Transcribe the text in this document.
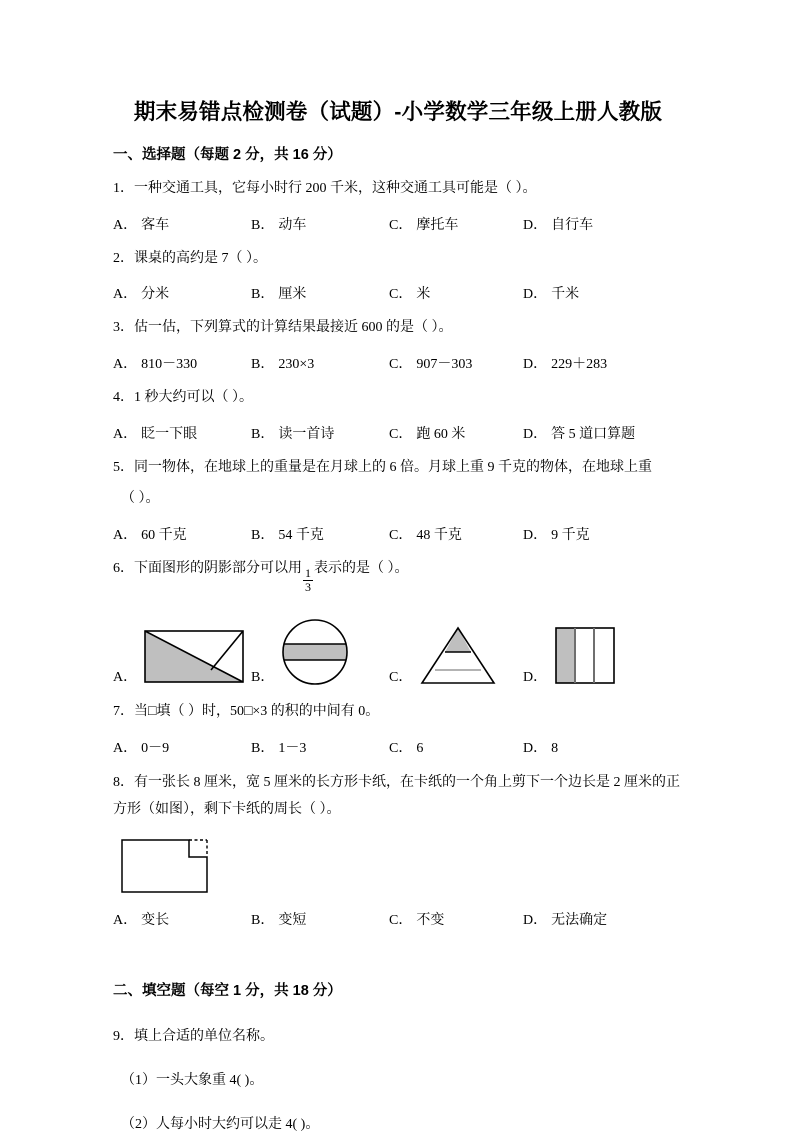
期末易错点检测卷（试题）-小学数学三年级上册人教版
一、选择题（每题 2 分，共 16 分）
1．一种交通工具，它每小时行 200 千米，这种交通工具可能是（ ）。
A． 客车	B． 动车	C． 摩托车	D． 自行车
2．课桌的高约是 7（ ）。
A． 分米	B． 厘米	C． 米	D． 千米
3．估一估，下列算式的计算结果最接近 600 的是（ ）。
A． 810－330	B． 230×3	C． 907－303	D． 229＋283
4．1 秒大约可以（ ）。
A． 眨一下眼	B． 读一首诗	C． 跑 60 米	D． 答 5 道口算题
5．同一物体，在地球上的重量是在月球上的 6 倍。月球上重 9 千克的物体，在地球上重
（ ）。
A． 60 千克	B． 54 千克	C． 48 千克	D． 9 千克
6．下面图形的阴影部分可以用 $\frac{1}{3}$ 表示的是（ ）。
A．	B．	C．	D．
7．当□填（ ）时，50□×3 的积的中间有 0。
A． 0－9	B． 1－3	C． 6	D． 8
8．有一张长 8 厘米，宽 5 厘米的长方形卡纸，在卡纸的一个角上剪下一个边长是 2 厘米的正方形（如图），剩下卡纸的周长（ ）。
A． 变长	B． 变短	C． 不变	D． 无法确定
二、填空题（每空 1 分，共 18 分）
9．填上合适的单位名称。
（1）一头大象重 4( )。
（2）人每小时大约可以走 4( )。
